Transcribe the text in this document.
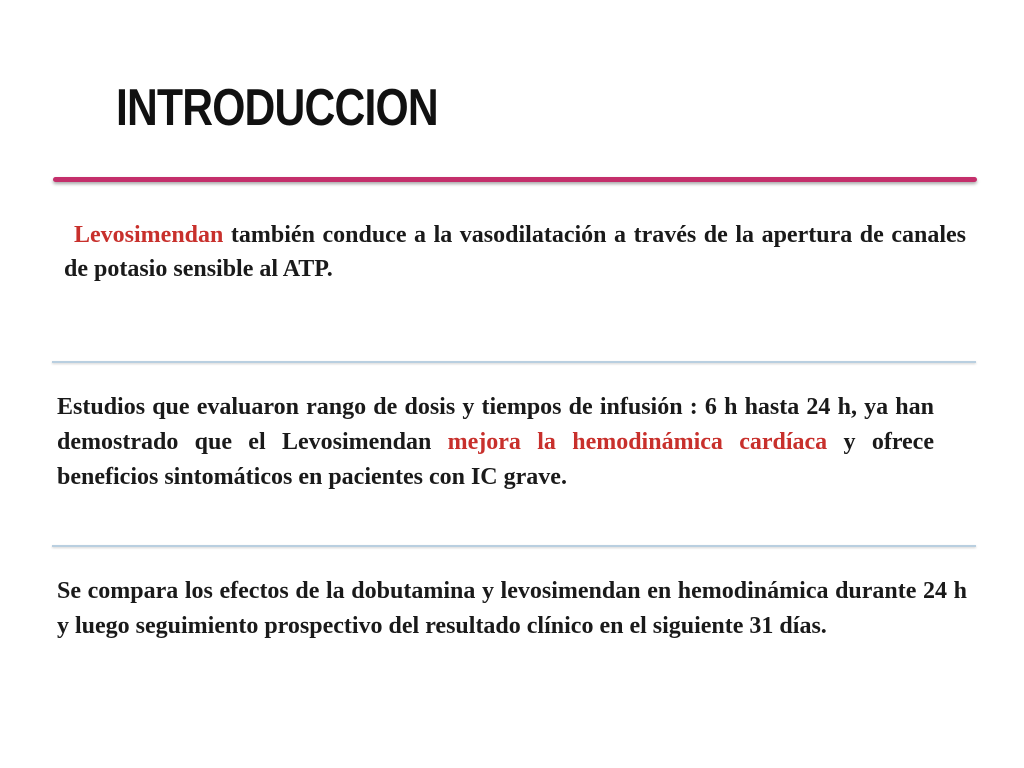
INTRODUCCION

Levosimendan también conduce a la vasodilatación a través de la apertura de canales de potasio sensible al ATP.

Estudios que evaluaron rango de dosis y tiempos de infusión : 6 h hasta 24 h, ya han demostrado que el Levosimendan mejora la hemodinámica cardíaca y ofrece beneficios sintomáticos en pacientes con IC grave.

Se compara los efectos de la dobutamina y levosimendan en hemodinámica durante 24 h y luego seguimiento prospectivo del resultado clínico en el siguiente 31 días.
